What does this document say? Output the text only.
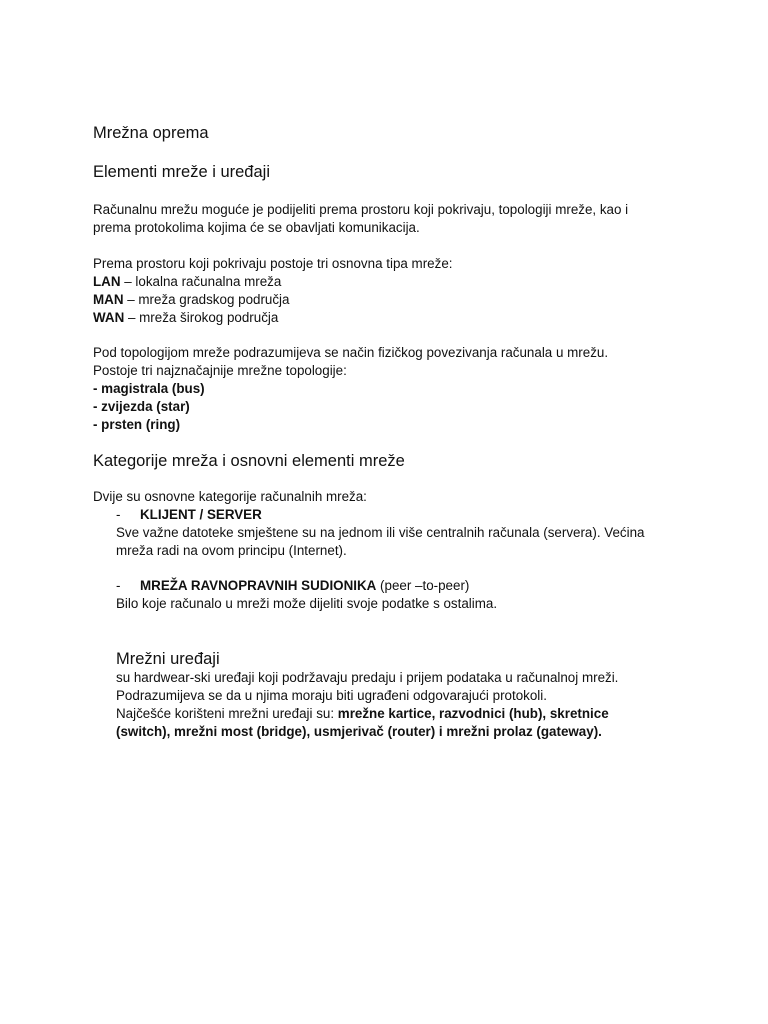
Mrežna oprema
Elementi mreže i uređaji
Računalnu mrežu moguće je podijeliti prema prostoru koji pokrivaju, topologiji mreže, kao i
prema protokolima kojima će se obavljati komunikacija.
Prema prostoru koji pokrivaju postoje tri osnovna tipa mreže:
LAN – lokalna računalna mreža
MAN – mreža gradskog područja
WAN – mreža širokog područja
Pod topologijom mreže podrazumijeva se način fizičkog povezivanja računala u mrežu.
Postoje tri najznačajnije mrežne topologije:
- magistrala (bus)
- zvijezda (star)
- prsten (ring)
Kategorije mreža i osnovni elementi mreže
Dvije su osnovne kategorije računalnih mreža:
- KLIJENT / SERVER
Sve važne datoteke smještene su na jednom ili više centralnih računala (servera). Većina
mreža radi na ovom principu (Internet).
- MREŽA RAVNOPRAVNIH SUDIONIKA (peer –to-peer)
Bilo koje računalo u mreži može dijeliti svoje podatke s ostalima.
Mrežni uređaji
su hardwear-ski uređaji koji podržavaju predaju i prijem podataka u računalnoj mreži.
Podrazumijeva se da u njima moraju biti ugrađeni odgovarajući protokoli.
Najčešće korišteni mrežni uređaji su: mrežne kartice, razvodnici (hub), skretnice
(switch), mrežni most (bridge), usmjerivač (router) i mrežni prolaz (gateway).
